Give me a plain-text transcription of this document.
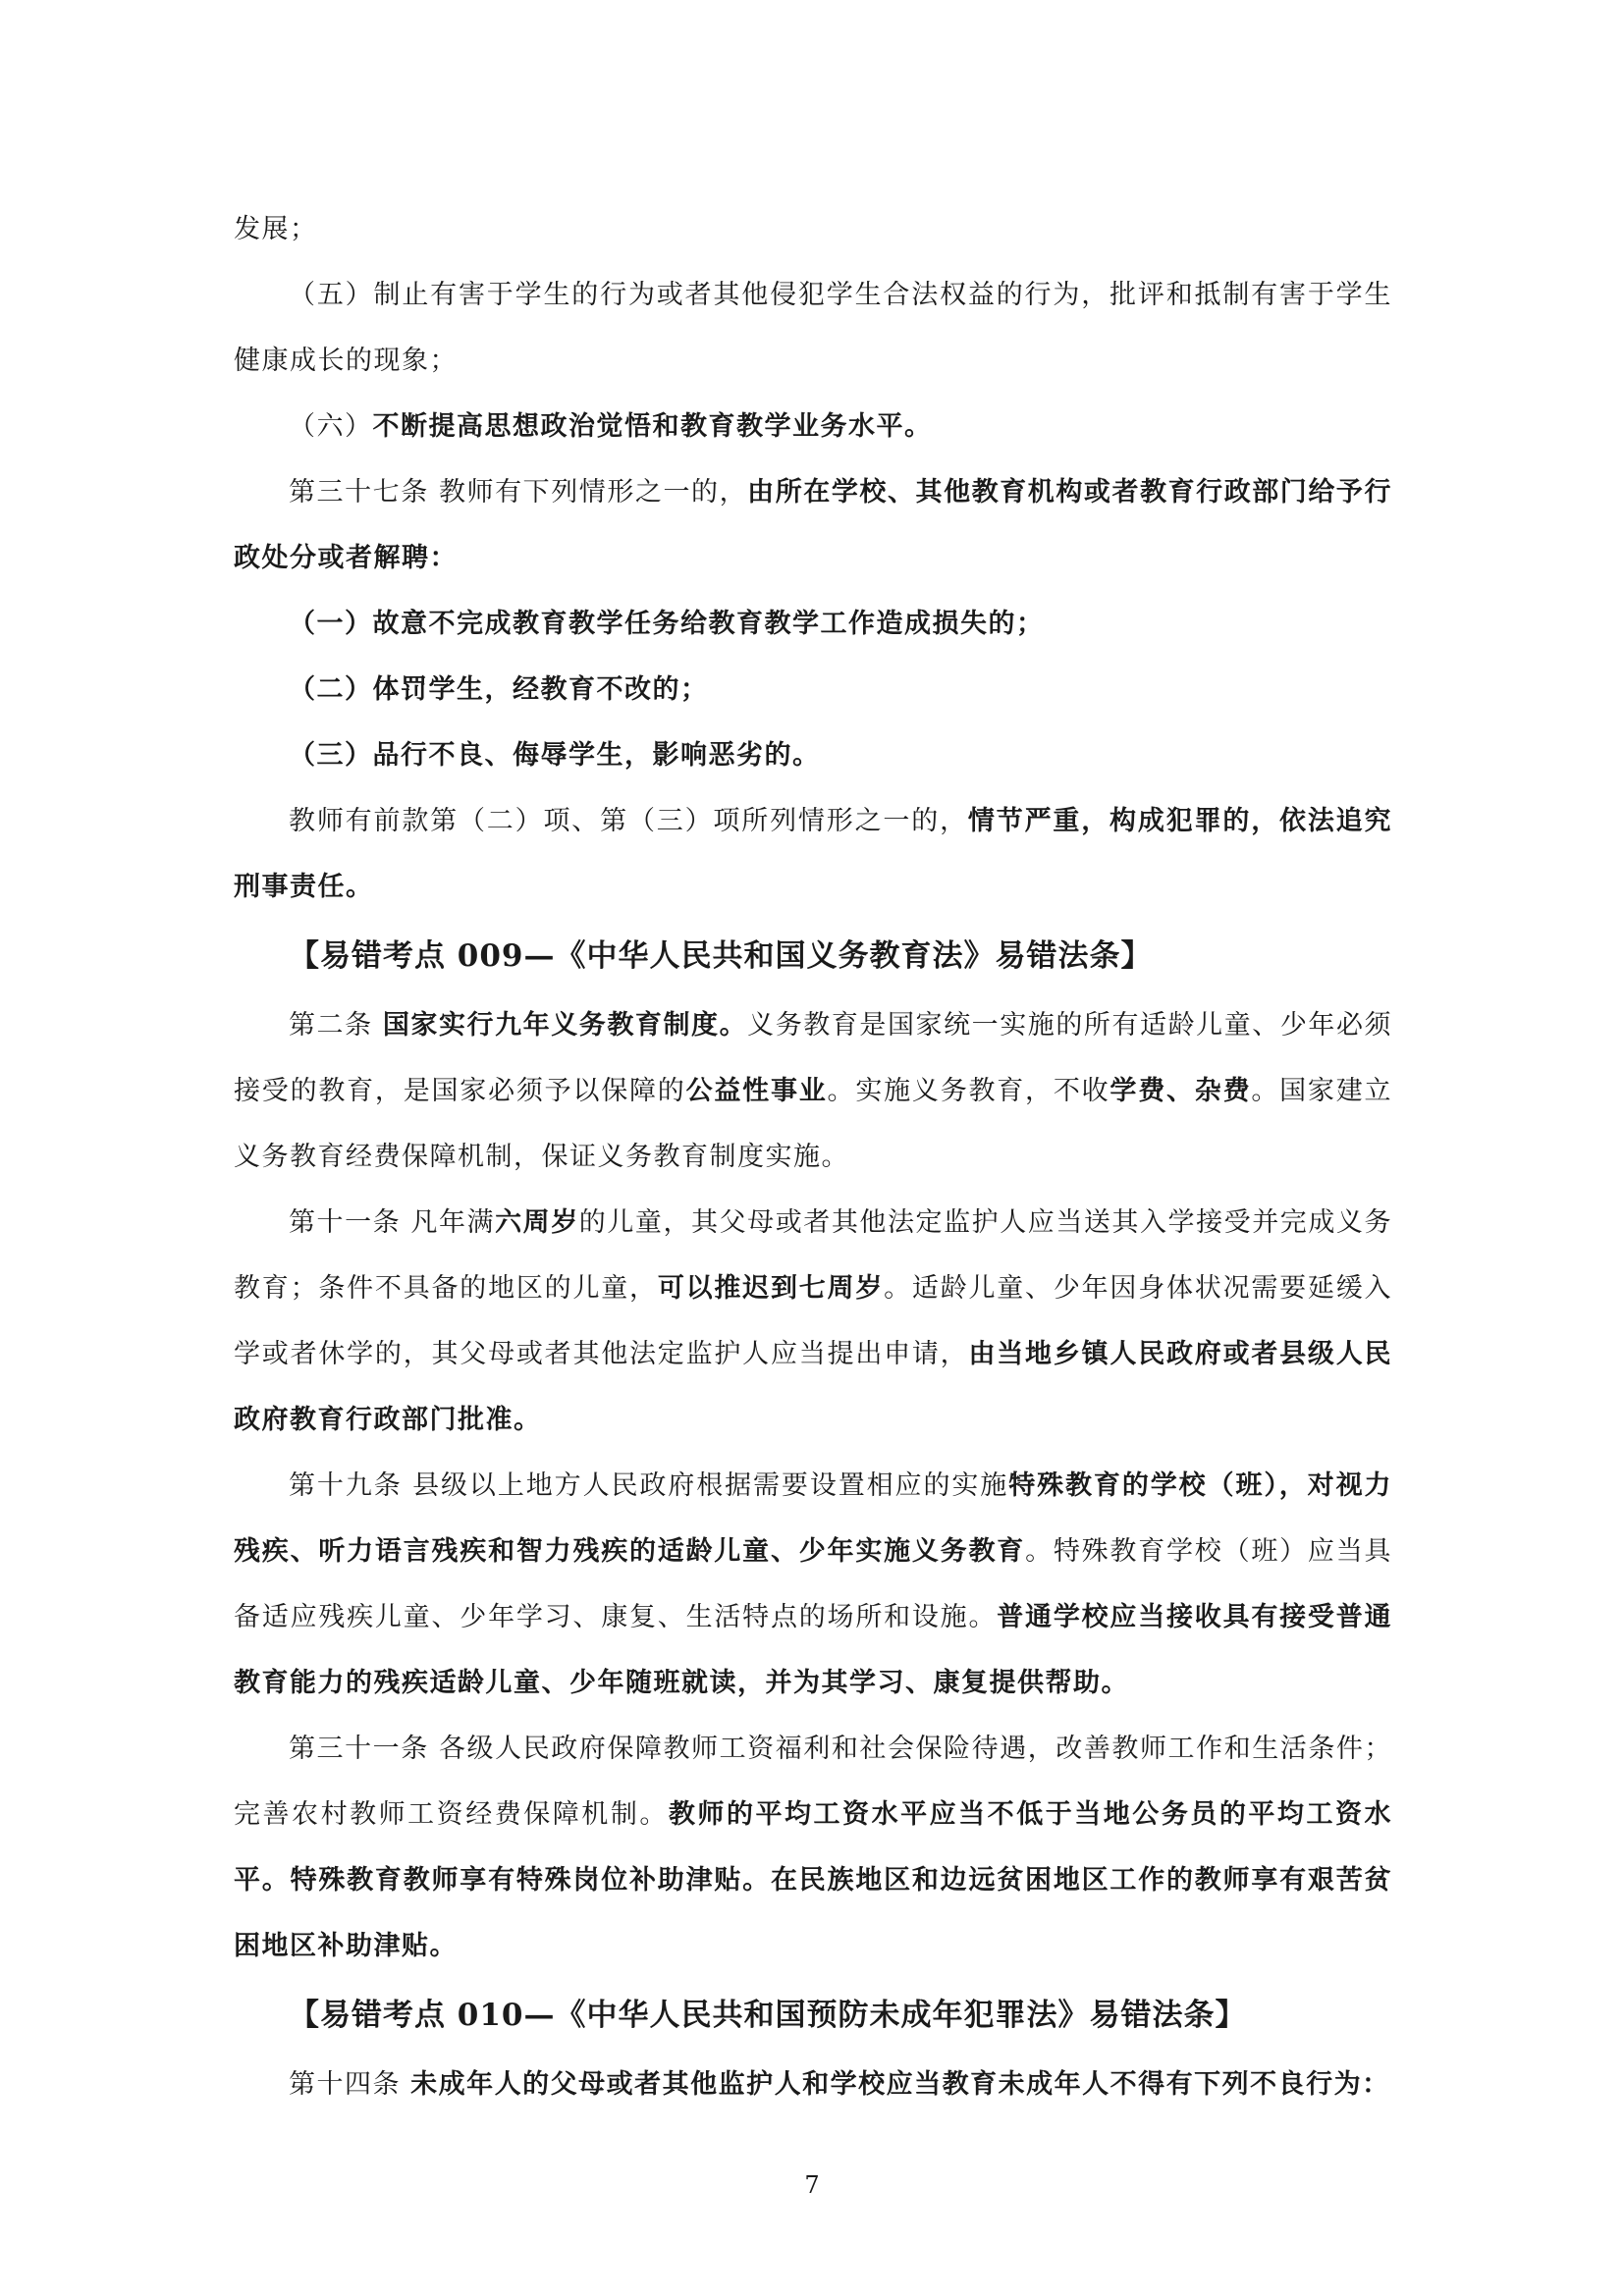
发展；

（五）制止有害于学生的行为或者其他侵犯学生合法权益的行为，批评和抵制有害于学生健康成长的现象；

（六）不断提高思想政治觉悟和教育教学业务水平。

第三十七条 教师有下列情形之一的，由所在学校、其他教育机构或者教育行政部门给予行政处分或者解聘：

（一）故意不完成教育教学任务给教育教学工作造成损失的；

（二）体罚学生，经教育不改的；

（三）品行不良、侮辱学生，影响恶劣的。

教师有前款第（二）项、第（三）项所列情形之一的，情节严重，构成犯罪的，依法追究刑事责任。

【易错考点 009—《中华人民共和国义务教育法》易错法条】

第二条 国家实行九年义务教育制度。义务教育是国家统一实施的所有适龄儿童、少年必须接受的教育，是国家必须予以保障的公益性事业。实施义务教育，不收学费、杂费。国家建立义务教育经费保障机制，保证义务教育制度实施。

第十一条 凡年满六周岁的儿童，其父母或者其他法定监护人应当送其入学接受并完成义务教育；条件不具备的地区的儿童，可以推迟到七周岁。适龄儿童、少年因身体状况需要延缓入学或者休学的，其父母或者其他法定监护人应当提出申请，由当地乡镇人民政府或者县级人民政府教育行政部门批准。

第十九条 县级以上地方人民政府根据需要设置相应的实施特殊教育的学校（班），对视力残疾、听力语言残疾和智力残疾的适龄儿童、少年实施义务教育。特殊教育学校（班）应当具备适应残疾儿童、少年学习、康复、生活特点的场所和设施。普通学校应当接收具有接受普通教育能力的残疾适龄儿童、少年随班就读，并为其学习、康复提供帮助。

第三十一条 各级人民政府保障教师工资福利和社会保险待遇，改善教师工作和生活条件；完善农村教师工资经费保障机制。教师的平均工资水平应当不低于当地公务员的平均工资水平。特殊教育教师享有特殊岗位补助津贴。在民族地区和边远贫困地区工作的教师享有艰苦贫困地区补助津贴。

【易错考点 010—《中华人民共和国预防未成年犯罪法》易错法条】

第十四条 未成年人的父母或者其他监护人和学校应当教育未成年人不得有下列不良行为：

7
